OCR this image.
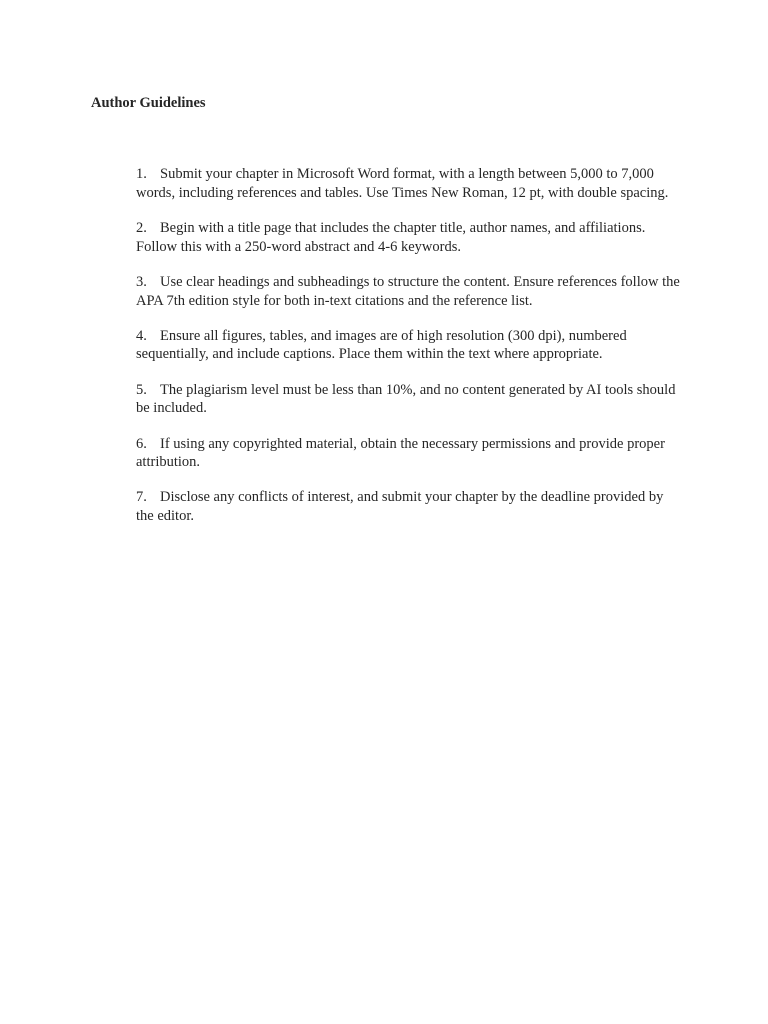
Author Guidelines
1. Submit your chapter in Microsoft Word format, with a length between 5,000 to 7,000 words, including references and tables. Use Times New Roman, 12 pt, with double spacing.
2. Begin with a title page that includes the chapter title, author names, and affiliations. Follow this with a 250-word abstract and 4-6 keywords.
3. Use clear headings and subheadings to structure the content. Ensure references follow the APA 7th edition style for both in-text citations and the reference list.
4. Ensure all figures, tables, and images are of high resolution (300 dpi), numbered sequentially, and include captions. Place them within the text where appropriate.
5. The plagiarism level must be less than 10%, and no content generated by AI tools should be included.
6. If using any copyrighted material, obtain the necessary permissions and provide proper attribution.
7. Disclose any conflicts of interest, and submit your chapter by the deadline provided by the editor.
